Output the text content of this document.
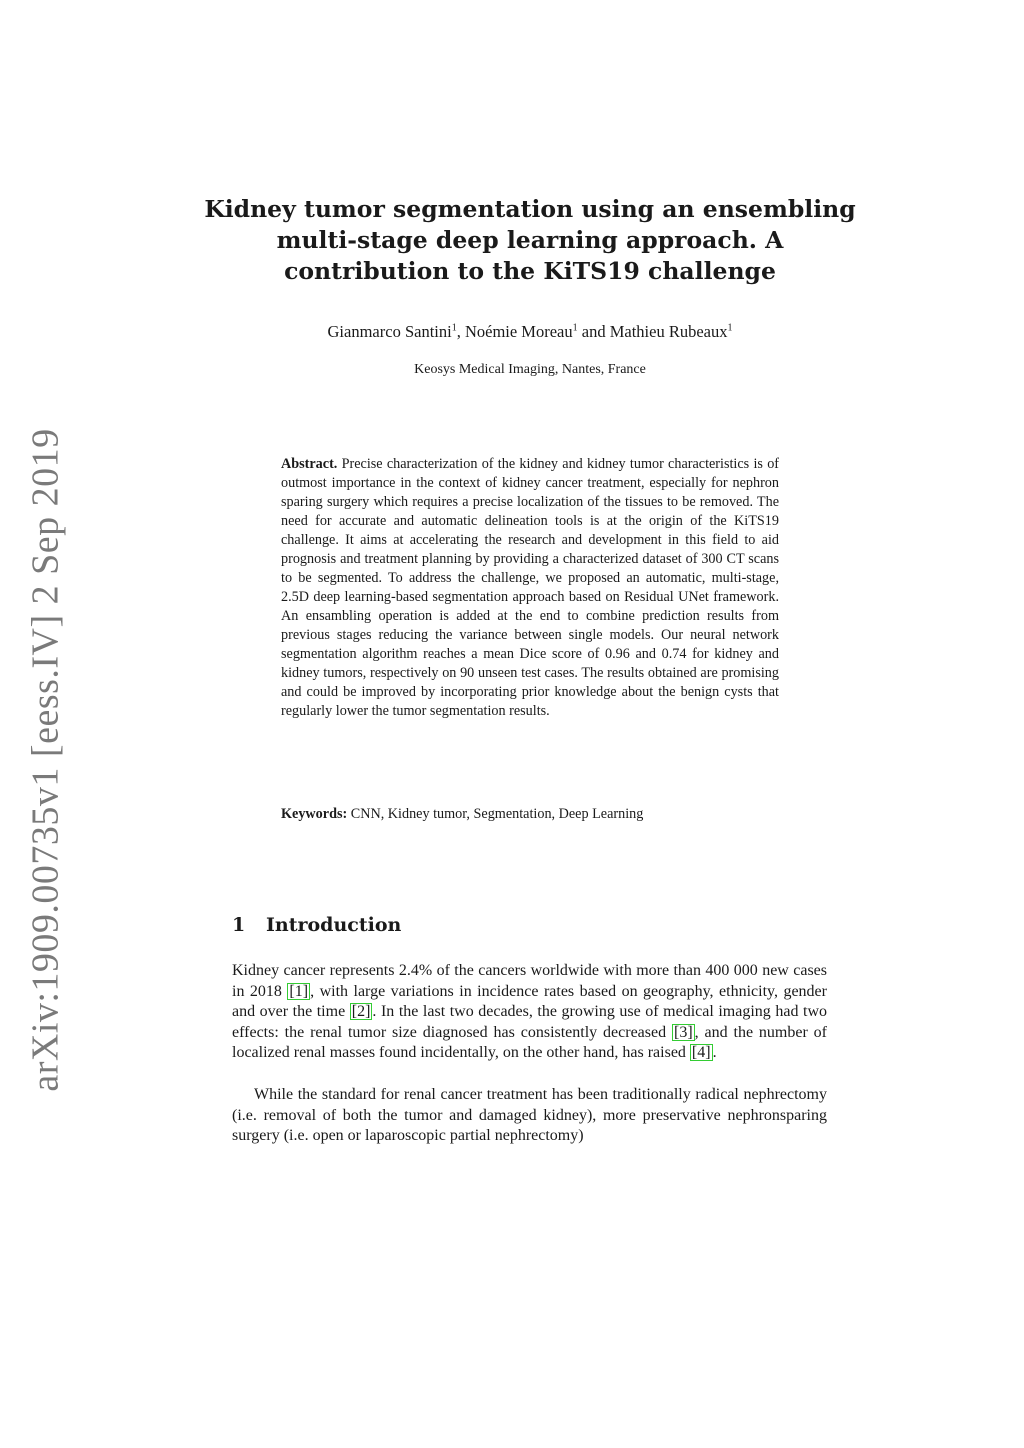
arXiv:1909.00735v1 [eess.IV] 2 Sep 2019
Kidney tumor segmentation using an ensembling multi-stage deep learning approach. A contribution to the KiTS19 challenge
Gianmarco Santini$^1$, Noémie Moreau$^1$ and Mathieu Rubeaux$^1$
Keosys Medical Imaging, Nantes, France
Abstract. Precise characterization of the kidney and kidney tumor characteristics is of outmost importance in the context of kidney cancer treatment, especially for nephron sparing surgery which requires a precise localization of the tissues to be removed. The need for accurate and automatic delineation tools is at the origin of the KiTS19 challenge. It aims at accelerating the research and development in this field to aid prognosis and treatment planning by providing a characterized dataset of 300 CT scans to be segmented. To address the challenge, we proposed an automatic, multi-stage, 2.5D deep learning-based segmentation approach based on Residual UNet framework. An ensambling operation is added at the end to combine prediction results from previous stages reducing the variance between single models. Our neural network segmentation algorithm reaches a mean Dice score of 0.96 and 0.74 for kidney and kidney tumors, respectively on 90 unseen test cases. The results obtained are promising and could be improved by incorporating prior knowledge about the benign cysts that regularly lower the tumor segmentation results.
Keywords: CNN, Kidney tumor, Segmentation, Deep Learning
1 Introduction
Kidney cancer represents 2.4% of the cancers worldwide with more than 400 000 new cases in 2018 [1] , with large variations in incidence rates based on geography, ethnicity, gender and over the time [2] . In the last two decades, the growing use of medical imaging had two effects: the renal tumor size diagnosed has consistently decreased [3] , and the number of localized renal masses found incidentally, on the other hand, has raised [4] .
While the standard for renal cancer treatment has been traditionally radical nephrectomy (i.e. removal of both the tumor and damaged kidney), more preservative nephronsparing surgery (i.e. open or laparoscopic partial nephrectomy)
